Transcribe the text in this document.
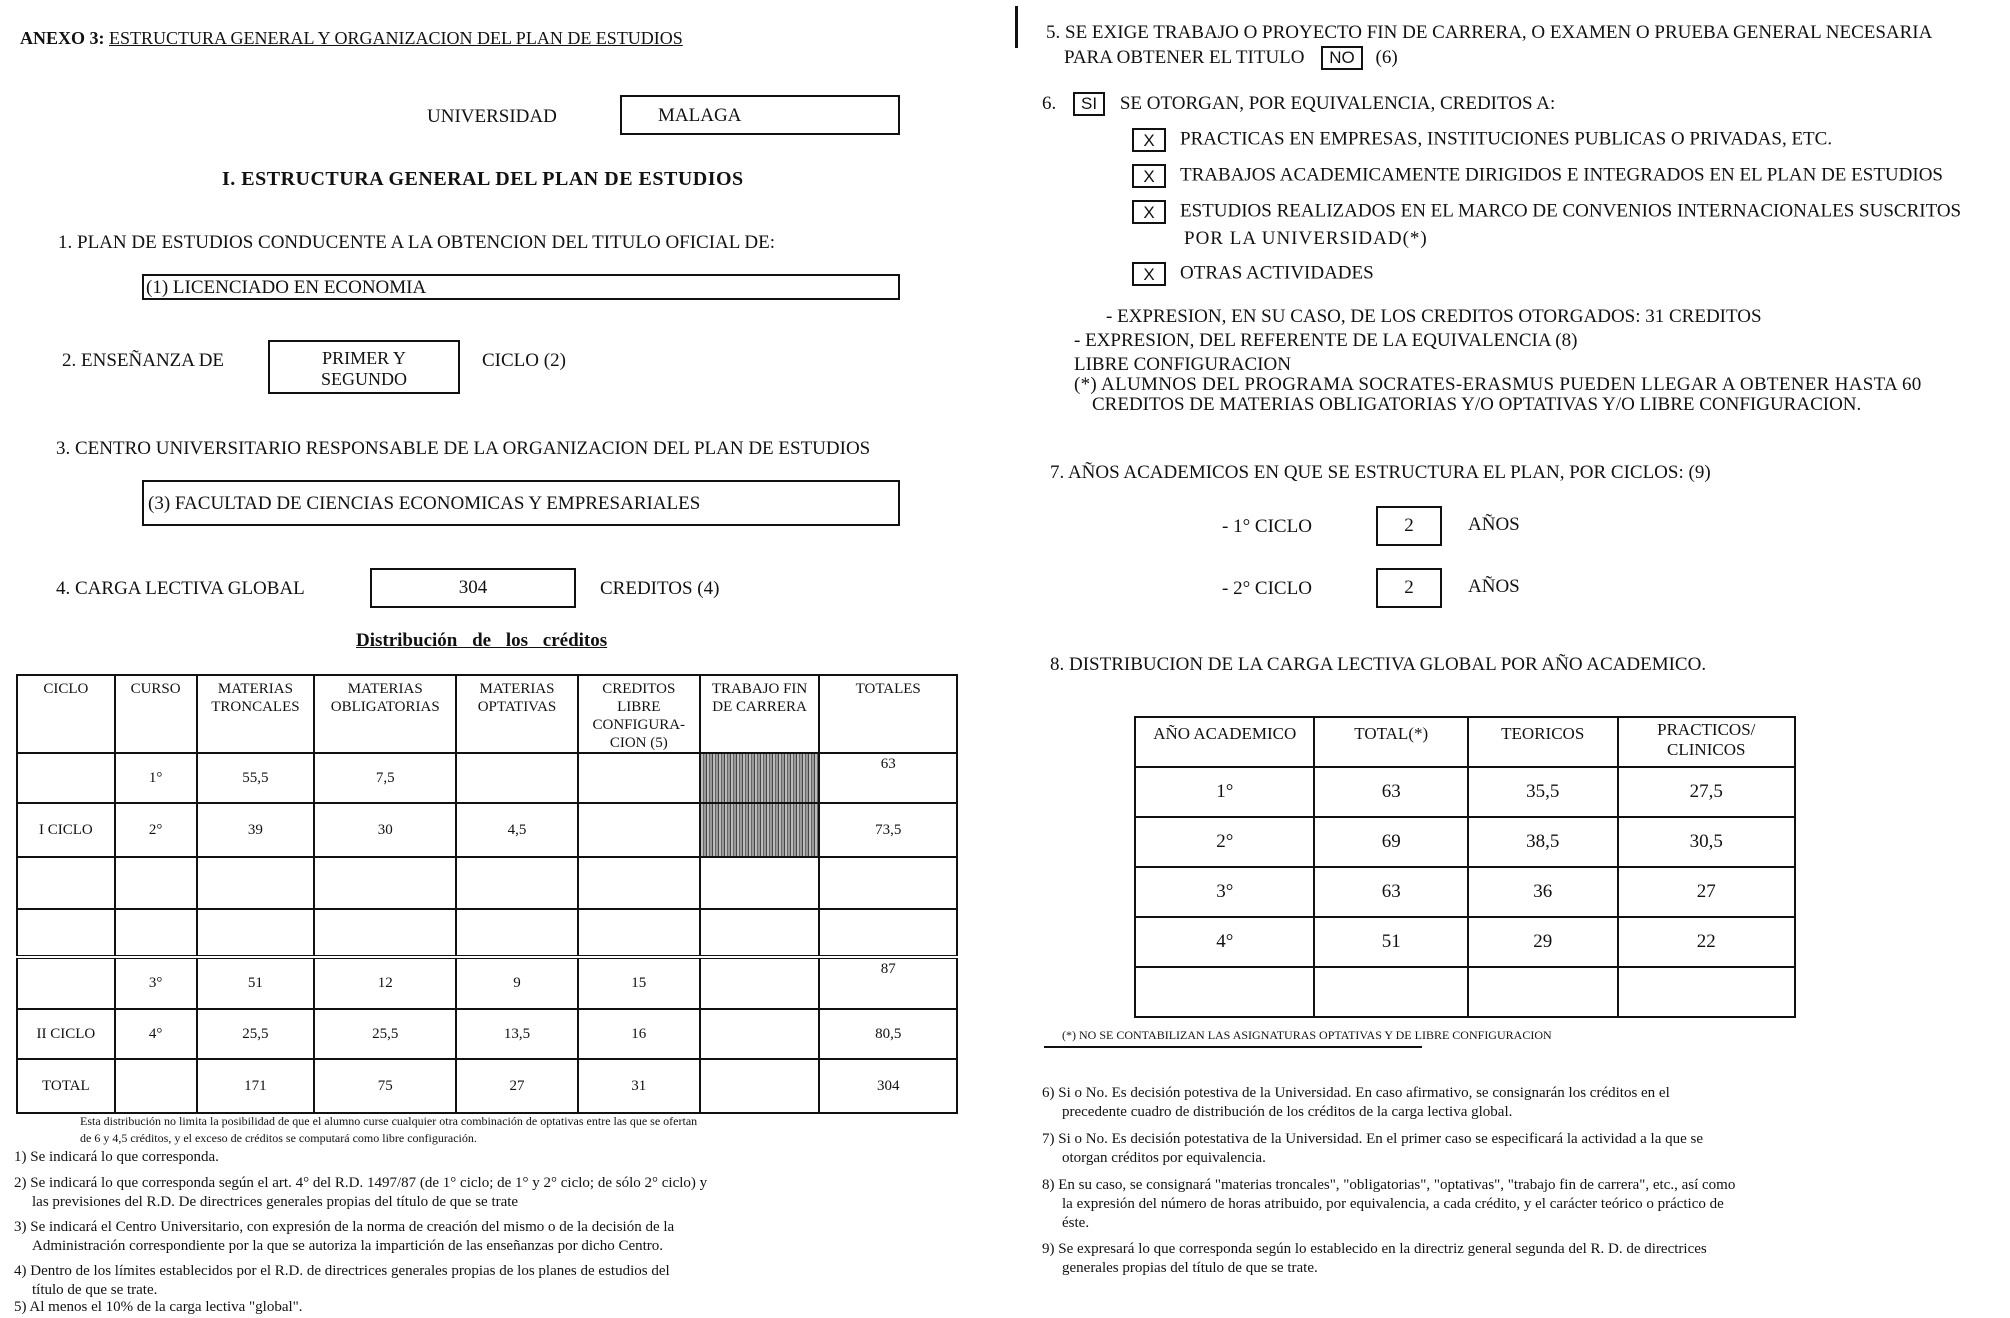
ANEXO 3: ESTRUCTURA GENERAL Y ORGANIZACION DEL PLAN DE ESTUDIOS
UNIVERSIDAD	MALAGA
I. ESTRUCTURA GENERAL DEL PLAN DE ESTUDIOS
1. PLAN DE ESTUDIOS CONDUCENTE A LA OBTENCION DEL TITULO OFICIAL DE:
(1) LICENCIADO EN ECONOMIA
2. ENSEÑANZA DE	PRIMER Y
SEGUNDO
CICLO (2)
3. CENTRO UNIVERSITARIO RESPONSABLE DE LA ORGANIZACION DEL PLAN DE ESTUDIOS
(3) FACULTAD DE CIENCIAS ECONOMICAS Y EMPRESARIALES
4. CARGA LECTIVA GLOBAL	304	CREDITOS (4)
Distribución de los créditos
CICLO	CURSO	MATERIAS TRONCALES	MATERIAS OBLIGATORIAS	MATERIAS OPTATIVAS	CREDITOS LIBRE CONFIGURA-CION (5)	TRABAJO FIN DE CARRERA	TOTALES
	1°	55,5	7,5				63
I CICLO	2°	39	30	4,5			73,5

	3°	51	12	9	15		87
II CICLO	4°	25,5	25,5	13,5	16		80,5
TOTAL		171	75	27	31		304
Esta distribución no limita la posibilidad de que el alumno curse cualquier otra combinación de optativas entre las que se ofertan
de 6 y 4,5 créditos, y el exceso de créditos se computará como libre configuración.
1) Se indicará lo que corresponda.
2) Se indicará lo que corresponda según el art. 4° del R.D. 1497/87 (de 1° ciclo; de 1° y 2° ciclo; de sólo 2° ciclo) y
las previsiones del R.D. De directrices generales propias del título de que se trate
3) Se indicará el Centro Universitario, con expresión de la norma de creación del mismo o de la decisión de la
Administración correspondiente por la que se autoriza la impartición de las enseñanzas por dicho Centro.
4) Dentro de los límites establecidos por el R.D. de directrices generales propias de los planes de estudios del
título de que se trate.
5) Al menos el 10% de la carga lectiva "global".
5. SE EXIGE TRABAJO O PROYECTO FIN DE CARRERA, O EXAMEN O PRUEBA GENERAL NECESARIA
PARA OBTENER EL TITULO NO (6)
6. SI SE OTORGAN, POR EQUIVALENCIA, CREDITOS A:
X PRACTICAS EN EMPRESAS, INSTITUCIONES PUBLICAS O PRIVADAS, ETC.
X TRABAJOS ACADEMICAMENTE DIRIGIDOS E INTEGRADOS EN EL PLAN DE ESTUDIOS
X ESTUDIOS REALIZADOS EN EL MARCO DE CONVENIOS INTERNACIONALES SUSCRITOS
POR LA UNIVERSIDAD(*)
X OTRAS ACTIVIDADES
- EXPRESION, EN SU CASO, DE LOS CREDITOS OTORGADOS: 31 CREDITOS
- EXPRESION, DEL REFERENTE DE LA EQUIVALENCIA (8)
LIBRE CONFIGURACION
(*) ALUMNOS DEL PROGRAMA SOCRATES-ERASMUS PUEDEN LLEGAR A OBTENER HASTA 60
CREDITOS DE MATERIAS OBLIGATORIAS Y/O OPTATIVAS Y/O LIBRE CONFIGURACION.
7. AÑOS ACADEMICOS EN QUE SE ESTRUCTURA EL PLAN, POR CICLOS: (9)
- 1° CICLO	2	AÑOS
- 2° CICLO	2	AÑOS
8. DISTRIBUCION DE LA CARGA LECTIVA GLOBAL POR AÑO ACADEMICO.
AÑO ACADEMICO	TOTAL(*)	TEORICOS	PRACTICOS/ CLINICOS
1°	63	35,5	27,5
2°	69	38,5	30,5
3°	63	36	27
4°	51	29	22

(*) NO SE CONTABILIZAN LAS ASIGNATURAS OPTATIVAS Y DE LIBRE CONFIGURACION
6) Si o No. Es decisión potestiva de la Universidad. En caso afirmativo, se consignarán los créditos en el
precedente cuadro de distribución de los créditos de la carga lectiva global.
7) Si o No. Es decisión potestativa de la Universidad. En el primer caso se especificará la actividad a la que se
otorgan créditos por equivalencia.
8) En su caso, se consignará "materias troncales", "obligatorias", "optativas", "trabajo fin de carrera", etc., así como
la expresión del número de horas atribuido, por equivalencia, a cada crédito, y el carácter teórico o práctico de
éste.
9) Se expresará lo que corresponda según lo establecido en la directriz general segunda del R. D. de directrices
generales propias del título de que se trate.
